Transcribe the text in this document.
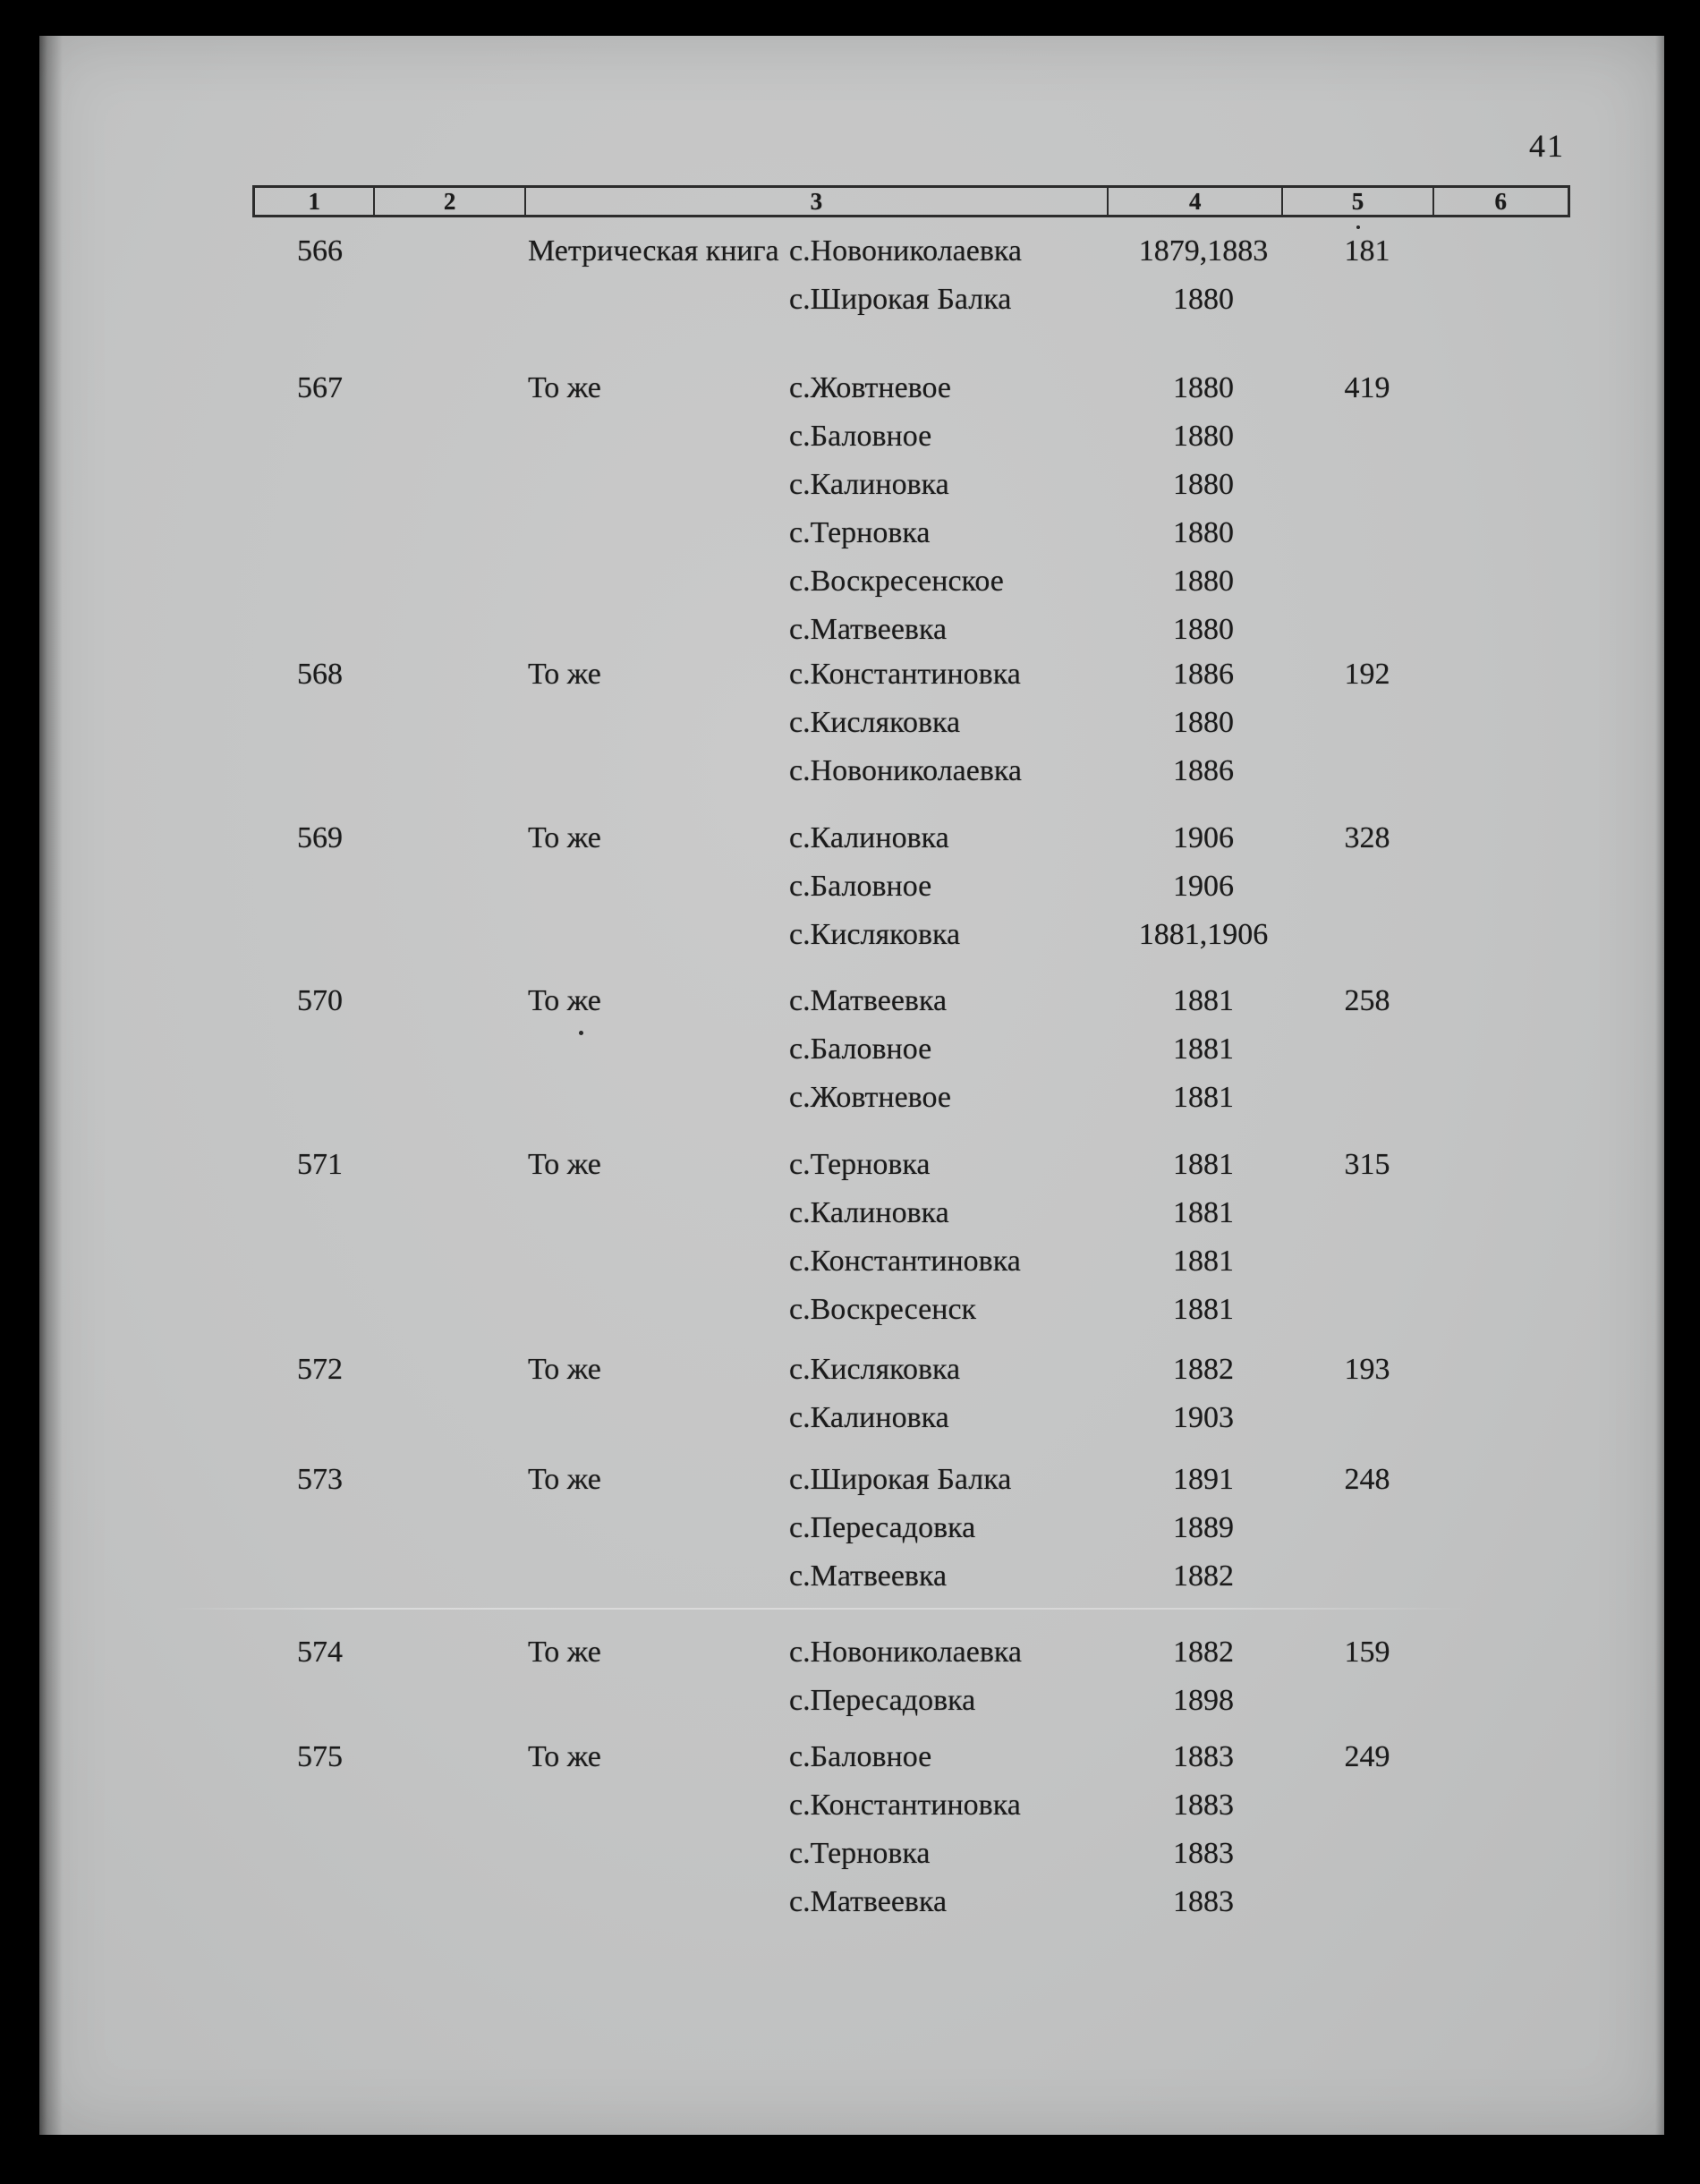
41
1	2	3	4	5	6
566	Метрическая книга с.Новониколаевка	1879,1883	181
с.Широкая Балка	1880
567	То же	с.Жовтневое	1880	419
с.Баловное	1880
с.Калиновка	1880
с.Терновка	1880
с.Воскресенское	1880
с.Матвеевка	1880
568	То же	с.Константиновка	1886	192
с.Кисляковка	1880
с.Новониколаевка	1886
569	То же	с.Калиновка	1906	328
с.Баловное	1906
с.Кисляковка	1881,1906
570	То же	с.Матвеевка	1881	258
с.Баловное	1881
с.Жовтневое	1881
571	То же	с.Терновка	1881	315
с.Калиновка	1881
с.Константиновка	1881
с.Воскресенск	1881
572	То же	с.Кисляковка	1882	193
с.Калиновка	1903
573	То же	с.Широкая Балка	1891	248
с.Пересадовка	1889
с.Матвеевка	1882
574	То же	с.Новониколаевка	1882	159
с.Пересадовка	1898
575	То же	с.Баловное	1883	249
с.Константиновка	1883
с.Терновка	1883
с.Матвеевка	1883
